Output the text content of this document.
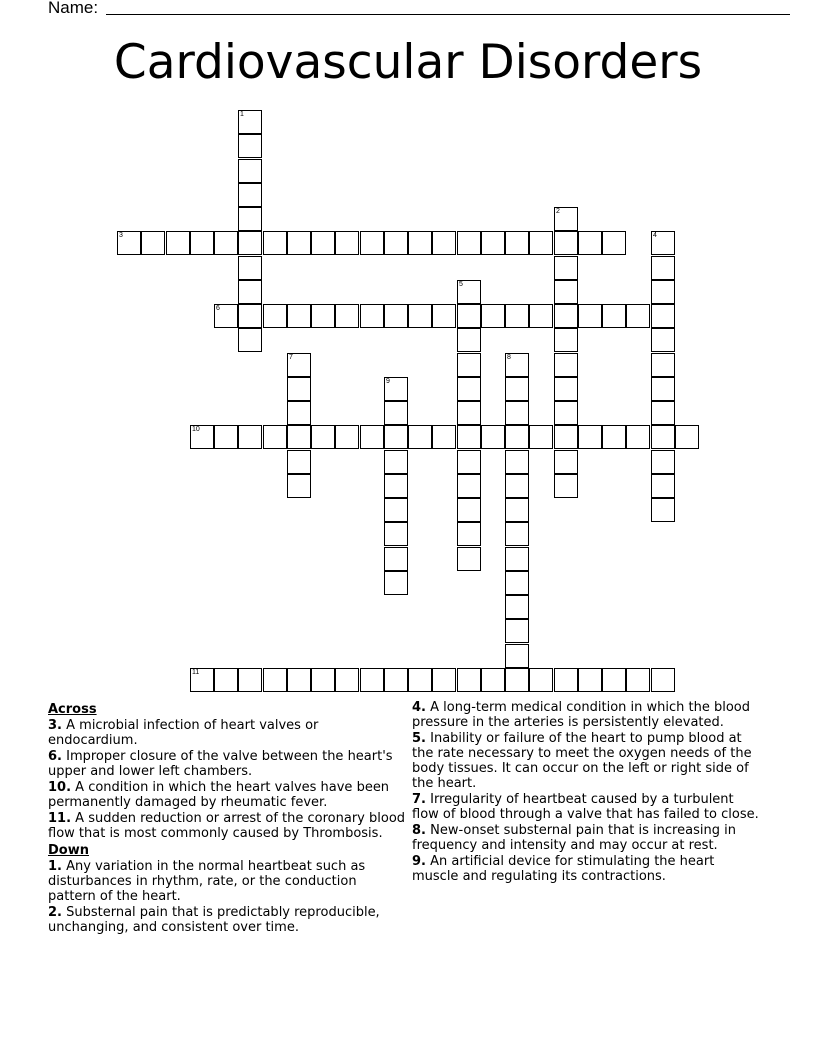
Name:
Cardiovascular Disorders
1
2
3	4
5
6
7	8
9
10
11
Across
3. A microbial infection of heart valves or endocardium.
6. Improper closure of the valve between the heart's upper and lower left chambers.
10. A condition in which the heart valves have been permanently damaged by rheumatic fever.
11. A sudden reduction or arrest of the coronary blood flow that is most commonly caused by Thrombosis.
Down
1. Any variation in the normal heartbeat such as disturbances in rhythm, rate, or the conduction pattern of the heart.
2. Substernal pain that is predictably reproducible, unchanging, and consistent over time.
4. A long-term medical condition in which the blood pressure in the arteries is persistently elevated.
5. Inability or failure of the heart to pump blood at the rate necessary to meet the oxygen needs of the body tissues. It can occur on the left or right side of the heart.
7. Irregularity of heartbeat caused by a turbulent flow of blood through a valve that has failed to close.
8. New-onset substernal pain that is increasing in frequency and intensity and may occur at rest.
9. An artificial device for stimulating the heart muscle and regulating its contractions.
